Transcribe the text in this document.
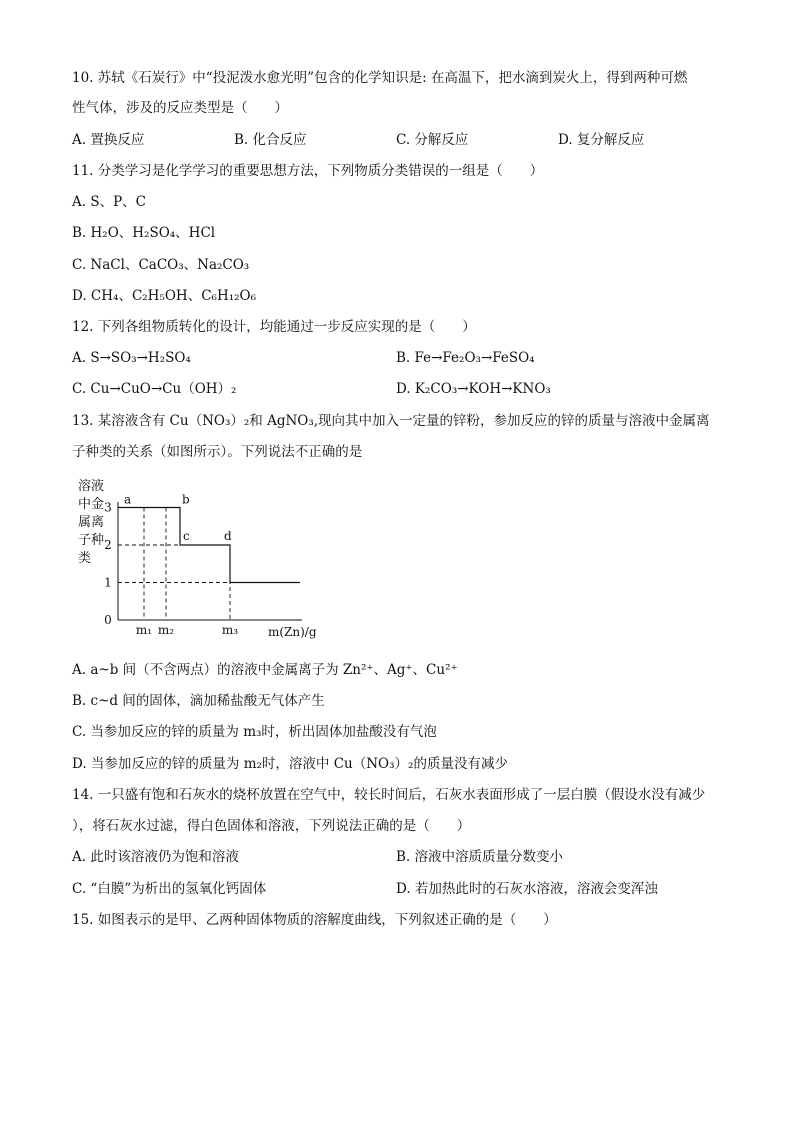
10. 苏轼《石炭行》中“投泥泼水愈光明”包含的化学知识是: 在高温下，把水滴到炭火上，得到两种可燃
性气体，涉及的反应类型是（　　）
A. 置换反应	B. 化合反应	C. 分解反应	D. 复分解反应
11. 分类学习是化学学习的重要思想方法，下列物质分类错误的一组是（　　）
A. S、P、C
B. H₂O、H₂SO₄、HCl
C. NaCl、CaCO₃、Na₂CO₃
D. CH₄、C₂H₅OH、C₆H₁₂O₆
12. 下列各组物质转化的设计，均能通过一步反应实现的是（　　）
A. S→SO₃→H₂SO₄	B. Fe→Fe₂O₃→FeSO₄
C. Cu→CuO→Cu（OH）₂	D. K₂CO₃→KOH→KNO₃
13. 某溶液含有 Cu（NO₃）₂和 AgNO₃,现向其中加入一定量的锌粉，参加反应的锌的质量与溶液中金属离
子种类的关系（如图所示）。下列说法不正确的是
溶液 中金 属离 子种 类
0
1
2
3
m₁ m₂	m₃ m(Zn)/g
a	b
c	d
A. a~b 间（不含两点）的溶液中金属离子为 Zn²⁺、Ag⁺、Cu²⁺
B. c~d 间的固体，滴加稀盐酸无气体产生
C. 当参加反应的锌的质量为 m₃时，析出固体加盐酸没有气泡
D. 当参加反应的锌的质量为 m₂时，溶液中 Cu（NO₃）₂的质量没有减少
14. 一只盛有饱和石灰水的烧杯放置在空气中，较长时间后，石灰水表面形成了一层白膜（假设水没有减少
），将石灰水过滤，得白色固体和溶液，下列说法正确的是（　　）
A. 此时该溶液仍为饱和溶液	B. 溶液中溶质质量分数变小
C. “白膜”为析出的氢氧化钙固体	D. 若加热此时的石灰水溶液，溶液会变浑浊
15. 如图表示的是甲、乙两种固体物质的溶解度曲线，下列叙述正确的是（　　）
